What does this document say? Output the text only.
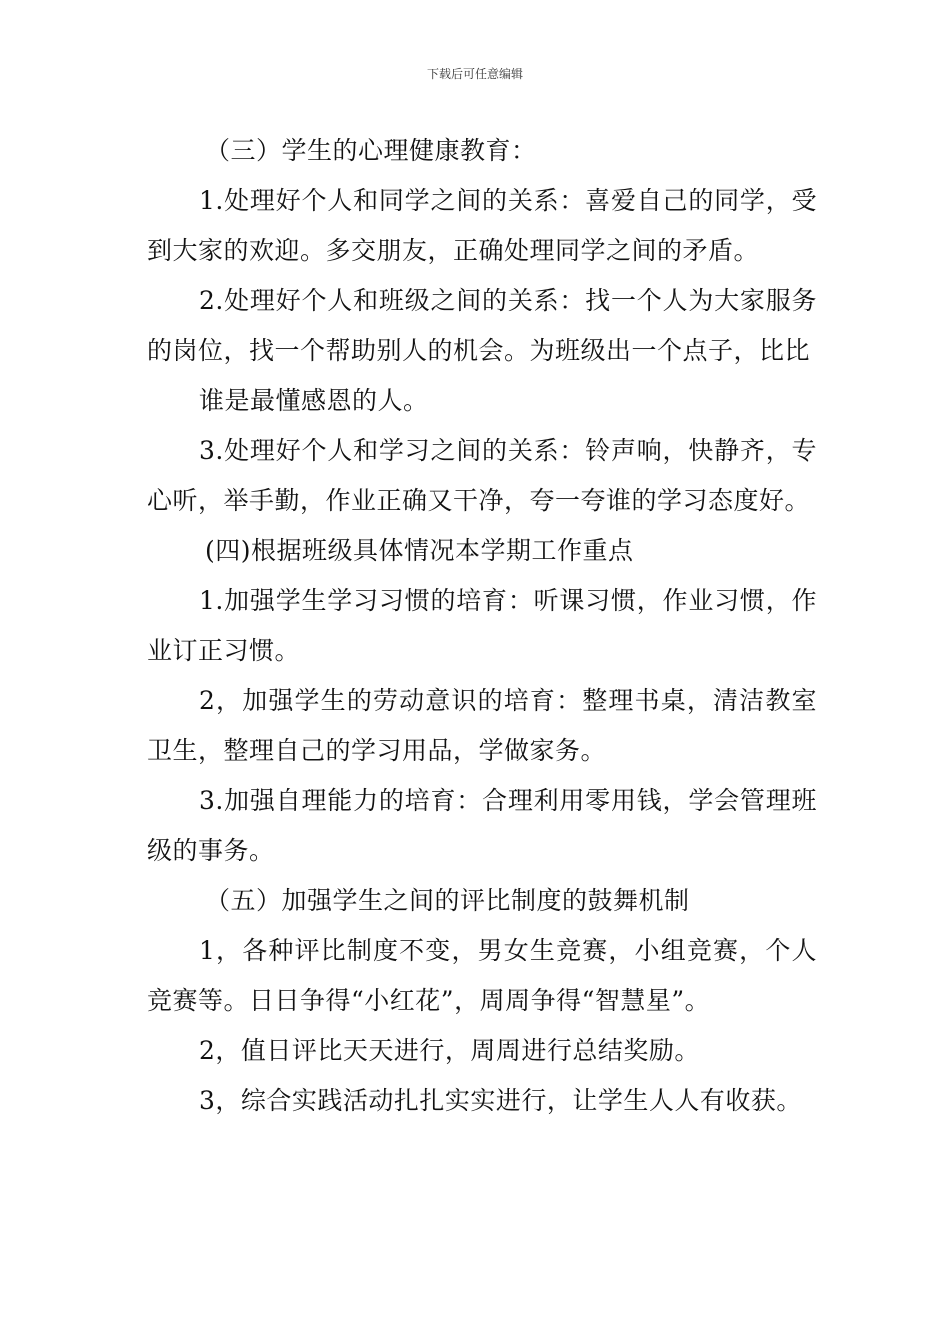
下载后可任意编辑

（三）学生的心理健康教育：

1.处理好个人和同学之间的关系：喜爱自己的同学，受到大家的欢迎。多交朋友，正确处理同学之间的矛盾。

2.处理好个人和班级之间的关系：找一个人为大家服务的岗位，找一个帮助别人的机会。为班级出一个点子，比比

谁是最懂感恩的人。

3.处理好个人和学习之间的关系：铃声响，快静齐，专心听，举手勤，作业正确又干净，夸一夸谁的学习态度好。

(四)根据班级具体情况本学期工作重点

1.加强学生学习习惯的培育：听课习惯，作业习惯，作业订正习惯。

2，加强学生的劳动意识的培育：整理书桌，清洁教室卫生，整理自己的学习用品，学做家务。

3.加强自理能力的培育：合理利用零用钱，学会管理班级的事务。

（五）加强学生之间的评比制度的鼓舞机制

1，各种评比制度不变，男女生竞赛，小组竞赛，个人竞赛等。日日争得“小红花”，周周争得“智慧星”。

2，值日评比天天进行，周周进行总结奖励。

3，综合实践活动扎扎实实进行，让学生人人有收获。
